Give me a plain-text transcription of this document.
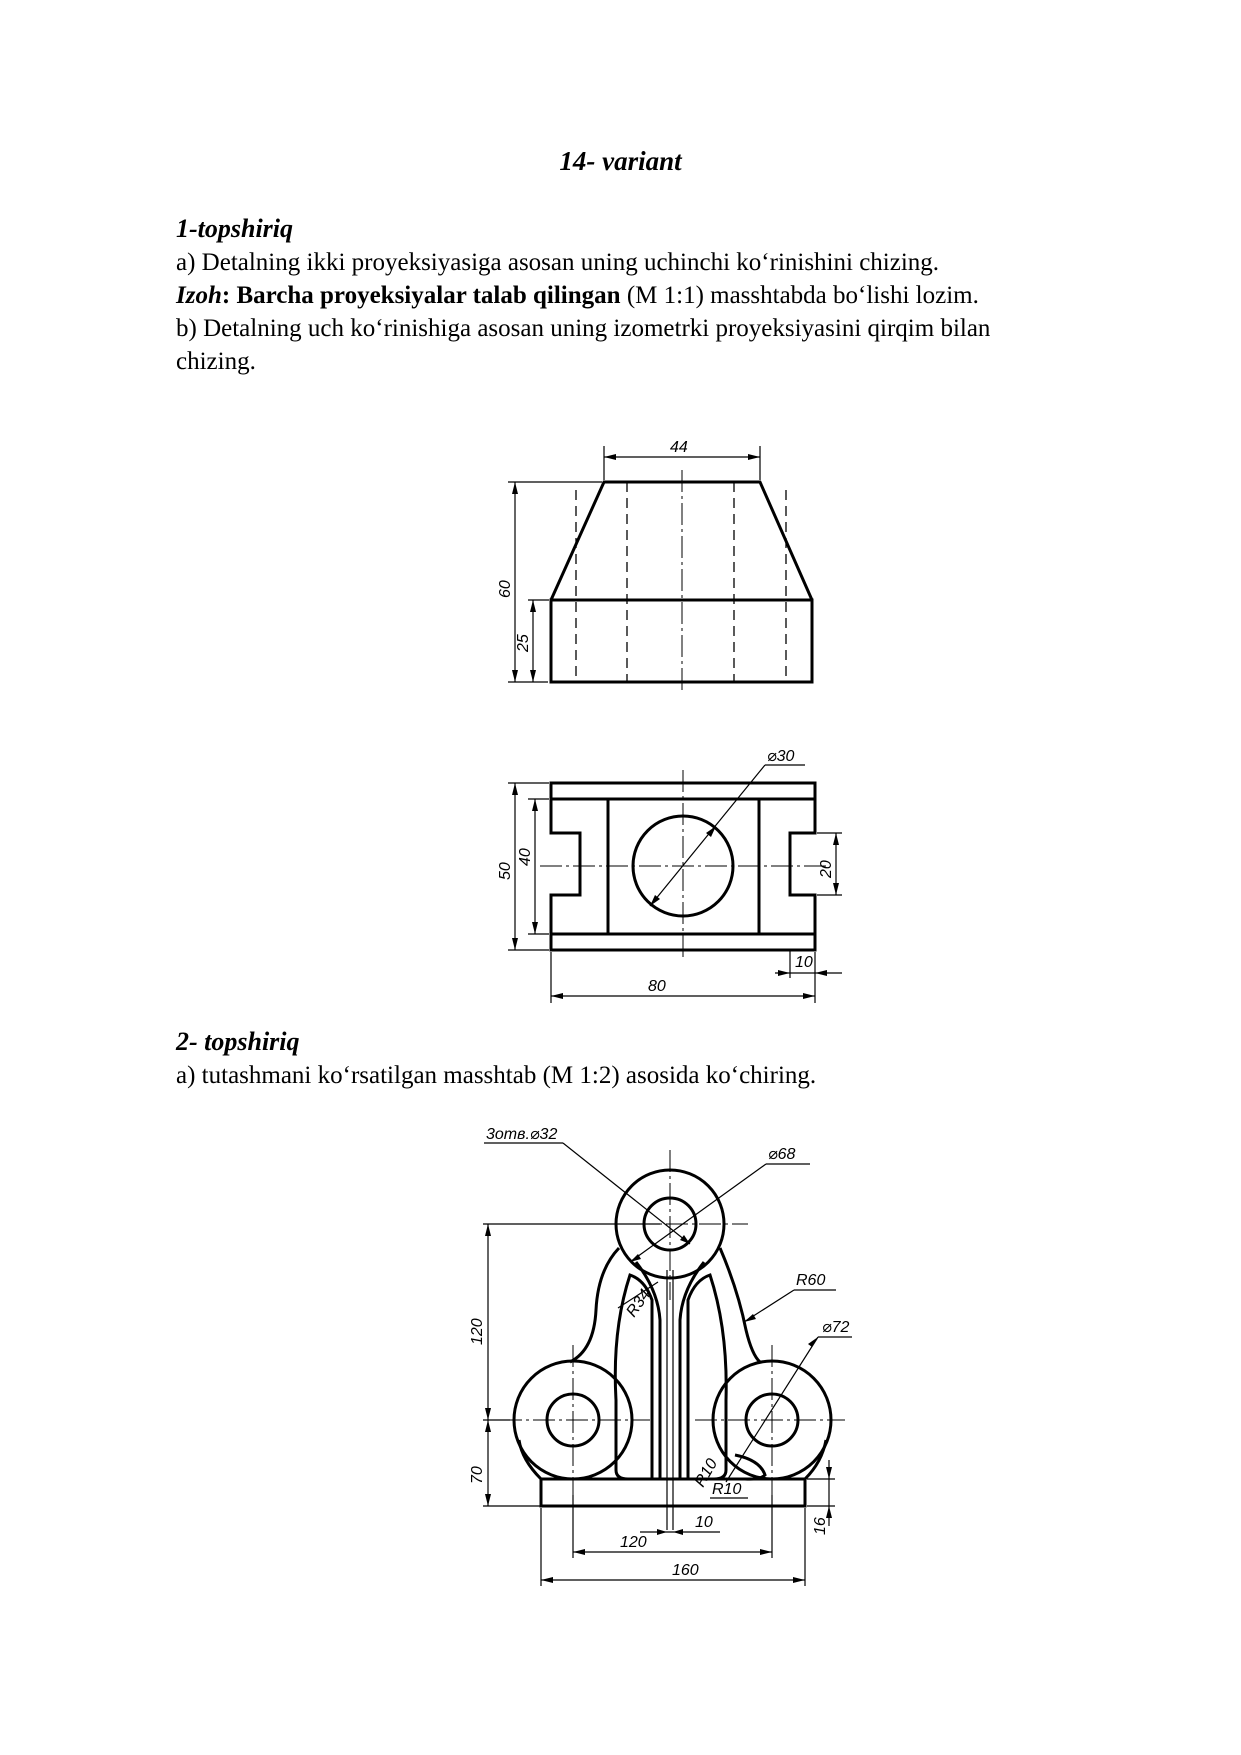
14- variant
1-topshiriq
a) Detalning ikki proyeksiyasiga asosan uning uchinchi ko‘rinishini chizing.
Izoh: Barcha proyeksiyalar talab qilingan (M 1:1) masshtabda bo‘lishi lozim.
b) Detalning uch ko‘rinishiga asosan uning izometrki proyeksiyasini qirqim bilan
chizing.
44
60
25
⌀30
50
40
20
10
80
2- topshiriq
a) tutashmani ko‘rsatilgan masshtab (M 1:2) asosida ko‘chiring.
3отв.⌀32
⌀68
R60
⌀72
R34
120
70	R10
R10
10
120
160
16
